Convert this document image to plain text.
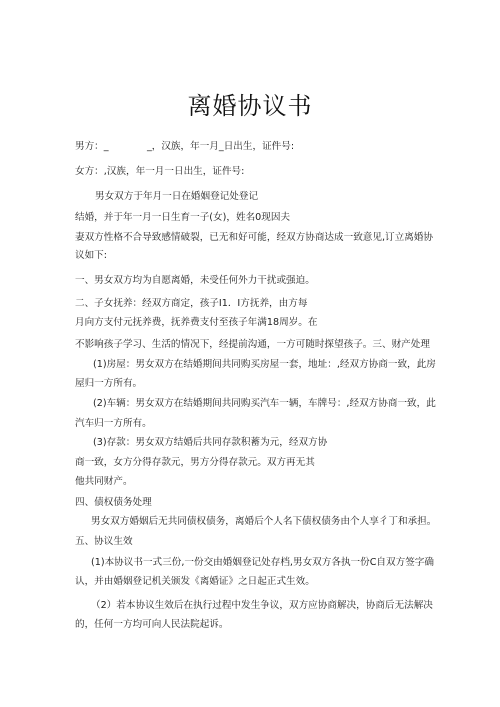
离婚协议书
男方：_　　　　_，汉族，年一月_日出生，证件号:
女方：,汉族，年一月一日出生，证件号:
男女双方于年月一日在婚姻登记处登记
结婚，并于年一月一日生育一子(女)，姓名0现因夫
妻双方性格不合导致感情破裂，已无和好可能，经双方协商达成一致意见,订立离婚协
议如下:
一、男女双方均为自愿离婚，未受任何外力干扰或强迫。
二、子女抚养：经双方商定，孩子I1．I方抚养，由方每
月向方支付元抚养费，抚养费支付至孩子年满18周岁。在
不影响孩子学习、生活的情况下，经提前沟通，一方可随时探望孩子。三、财产处理
(1)房屋：男女双方在结婚期间共同购买房屋一套，地址：,经双方协商一致，此房
屋归一方所有。
(2)车辆：男女双方在结婚期间共同购买汽车一辆，车牌号：,经双方协商一致，此
汽车归一方所有。
(3)存款：男女双方结婚后共同存款积蓄为元，经双方协
商一致，女方分得存款元，男方分得存款元。双方再无其
他共同财产。
四、债权债务处理
男女双方婚姻后无共同债权债务，离婚后个人名下债权债务由个人享彳丁和承担。
五、协议生效
(1)本协议书一式三份,一份交由婚姻登记处存档,男女双方各执一份C自双方签字确
认，并由婚姻登记机关颁发《离婚证》之日起正式生效。
（2）若本协议生效后在执行过程中发生争议，双方应协商解决，协商后无法解决
的，任何一方均可向人民法院起诉。
